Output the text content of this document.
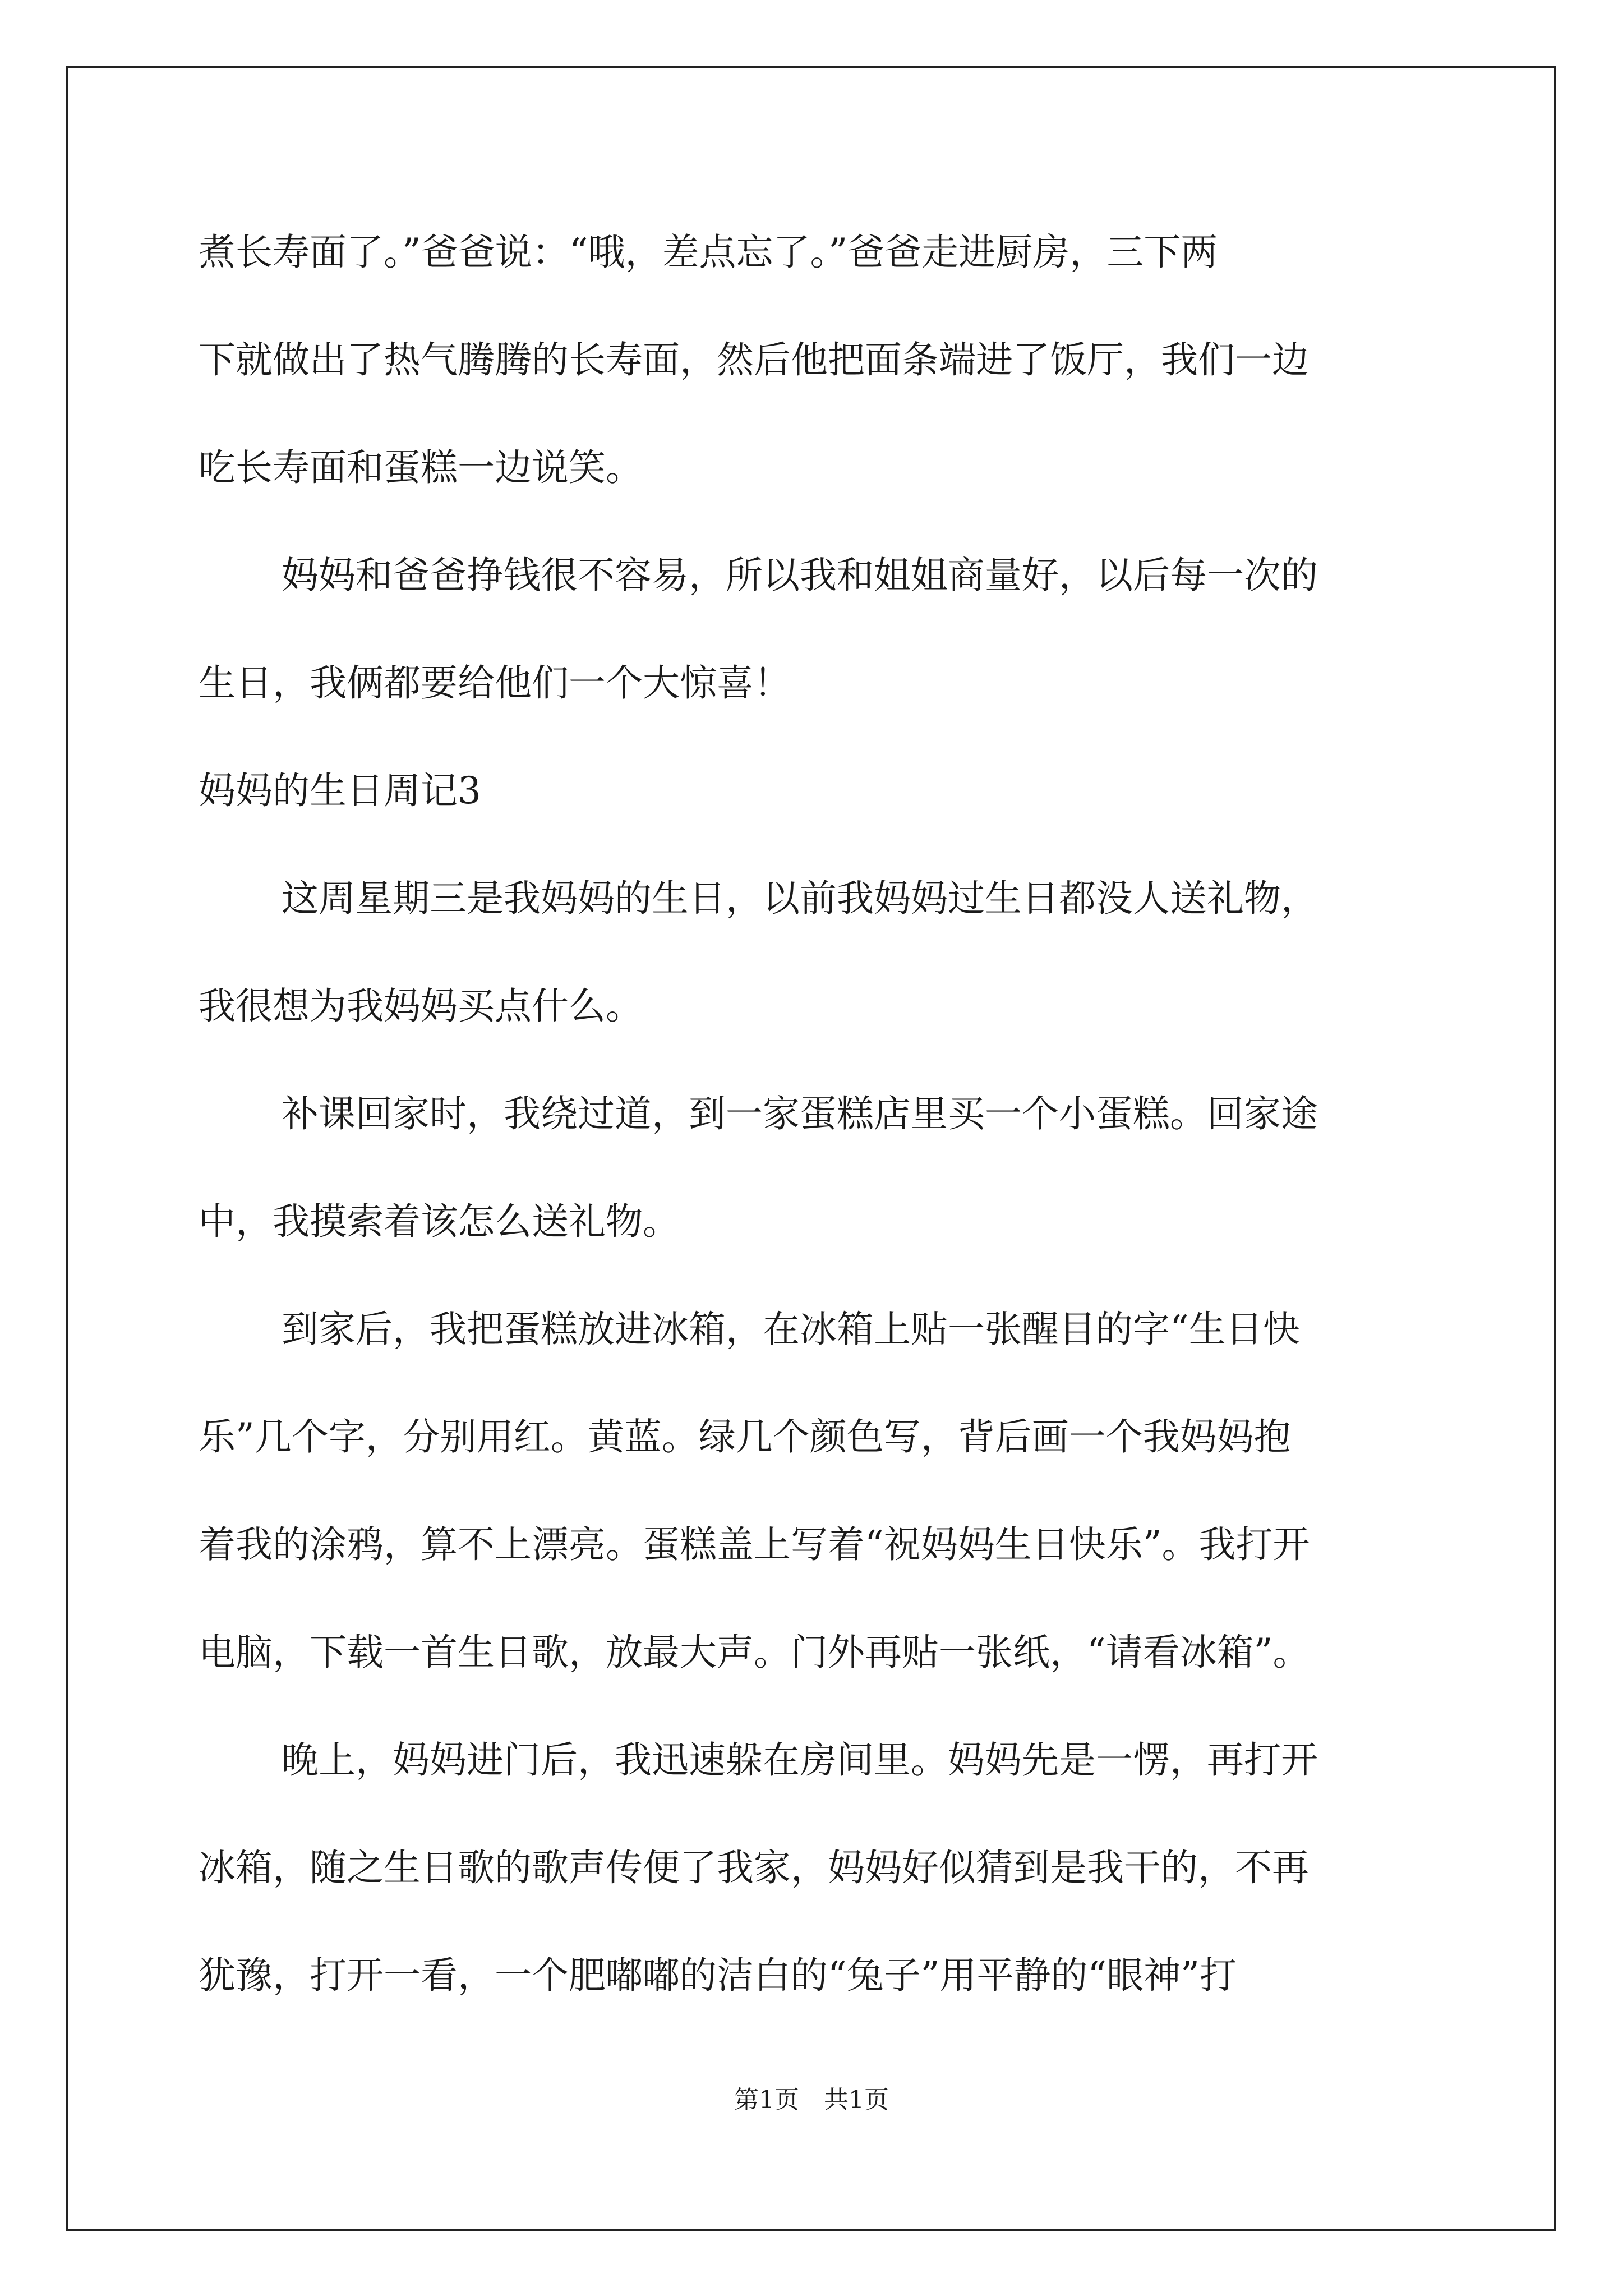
煮长寿面了。”爸爸说：“哦，差点忘了。”爸爸走进厨房，三下两
下就做出了热气腾腾的长寿面，然后他把面条端进了饭厅，我们一边
吃长寿面和蛋糕一边说笑。
妈妈和爸爸挣钱很不容易，所以我和姐姐商量好，以后每一次的
生日，我俩都要给他们一个大惊喜！
妈妈的生日周记3
这周星期三是我妈妈的生日，以前我妈妈过生日都没人送礼物，
我很想为我妈妈买点什么。
补课回家时，我绕过道，到一家蛋糕店里买一个小蛋糕。回家途
中，我摸索着该怎么送礼物。
到家后，我把蛋糕放进冰箱，在冰箱上贴一张醒目的字“生日快
乐”几个字，分别用红。黄蓝。绿几个颜色写，背后画一个我妈妈抱
着我的涂鸦，算不上漂亮。蛋糕盖上写着“祝妈妈生日快乐”。我打开
电脑，下载一首生日歌，放最大声。门外再贴一张纸，“请看冰箱”。
晚上，妈妈进门后，我迅速躲在房间里。妈妈先是一愣，再打开
冰箱，随之生日歌的歌声传便了我家，妈妈好似猜到是我干的，不再
犹豫，打开一看，一个肥嘟嘟的洁白的“兔子”用平静的“眼神”打
第1页　共1页
